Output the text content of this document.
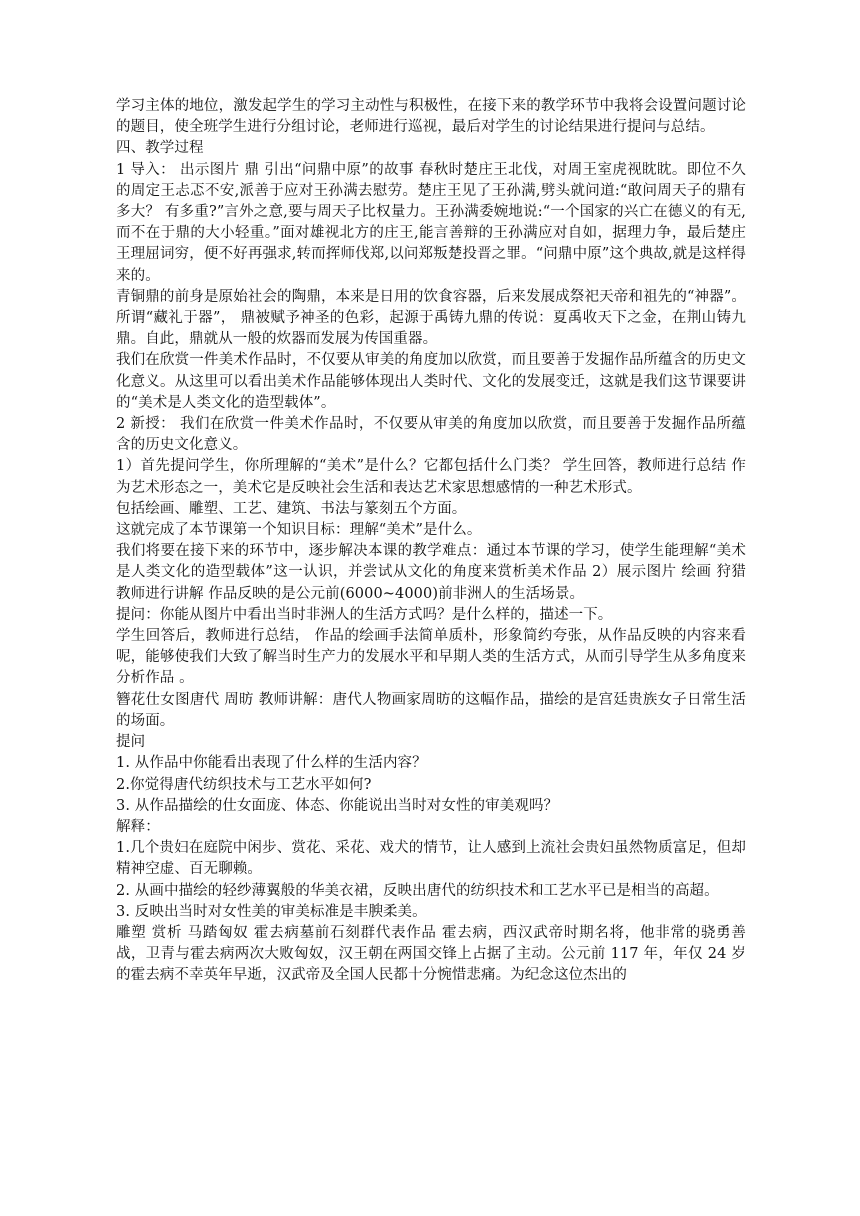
学习主体的地位，激发起学生的学习主动性与积极性，在接下来的教学环节中我将会设置问题讨论的题目，使全班学生进行分组讨论，老师进行巡视，最后对学生的讨论结果进行提问与总结。

四、教学过程

1 导入： 出示图片 鼎 引出“问鼎中原”的故事 春秋时楚庄王北伐，对周王室虎视眈眈。即位不久的周定王忐忑不安,派善于应对王孙满去慰劳。楚庄王见了王孙满,劈头就问道:“敢问周天子的鼎有多大？ 有多重?”言外之意,要与周天子比权量力。王孙满委婉地说:“一个国家的兴亡在德义的有无,而不在于鼎的大小轻重。”面对雄视北方的庄王,能言善辩的王孙满应对自如，据理力争，最后楚庄王理屈词穷，便不好再强求,转而挥师伐郑,以问郑叛楚投晋之罪。“问鼎中原”这个典故,就是这样得来的。

青铜鼎的前身是原始社会的陶鼎，本来是日用的饮食容器，后来发展成祭祀天帝和祖先的“神器”。所谓“藏礼于器”， 鼎被赋予神圣的色彩，起源于禹铸九鼎的传说：夏禹收天下之金，在荆山铸九鼎。自此，鼎就从一般的炊器而发展为传国重器。

我们在欣赏一件美术作品时，不仅要从审美的角度加以欣赏，而且要善于发掘作品所蕴含的历史文化意义。从这里可以看出美术作品能够体现出人类时代、文化的发展变迁，这就是我们这节课要讲的“美术是人类文化的造型载体”。

2 新授： 我们在欣赏一件美术作品时，不仅要从审美的角度加以欣赏，而且要善于发掘作品所蕴含的历史文化意义。

1）首先提问学生，你所理解的“美术”是什么？它都包括什么门类？ 学生回答，教师进行总结 作为艺术形态之一，美术它是反映社会生活和表达艺术家思想感情的一种艺术形式。

包括绘画、雕塑、工艺、建筑、书法与篆刻五个方面。

这就完成了本节课第一个知识目标：理解“美术”是什么。

我们将要在接下来的环节中，逐步解决本课的教学难点：通过本节课的学习，使学生能理解“美术是人类文化的造型载体”这一认识，并尝试从文化的角度来赏析美术作品 2）展示图片 绘画 狩猎 教师进行讲解 作品反映的是公元前(6000~4000)前非洲人的生活场景。

提问：你能从图片中看出当时非洲人的生活方式吗？是什么样的，描述一下。

学生回答后，教师进行总结， 作品的绘画手法简单质朴，形象简约夸张，从作品反映的内容来看呢，能够使我们大致了解当时生产力的发展水平和早期人类的生活方式，从而引导学生从多角度来分析作品 。

簪花仕女图唐代 周昉 教师讲解：唐代人物画家周昉的这幅作品，描绘的是宫廷贵族女子日常生活的场面。

提问

1. 从作品中你能看出表现了什么样的生活内容？

2.你觉得唐代纺织技术与工艺水平如何?

3. 从作品描绘的仕女面庞、体态、你能说出当时对女性的审美观吗？

解释：

1.几个贵妇在庭院中闲步、赏花、采花、戏犬的情节，让人感到上流社会贵妇虽然物质富足，但却精神空虚、百无聊赖。

2. 从画中描绘的轻纱薄翼般的华美衣裙，反映出唐代的纺织技术和工艺水平已是相当的高超。

3. 反映出当时对女性美的审美标准是丰腴柔美。

雕塑 赏析 马踏匈奴 霍去病墓前石刻群代表作品 霍去病，西汉武帝时期名将，他非常的骁勇善战，卫青与霍去病两次大败匈奴，汉王朝在两国交锋上占据了主动。公元前 117 年，年仅 24 岁的霍去病不幸英年早逝，汉武帝及全国人民都十分惋惜悲痛。为纪念这位杰出的
